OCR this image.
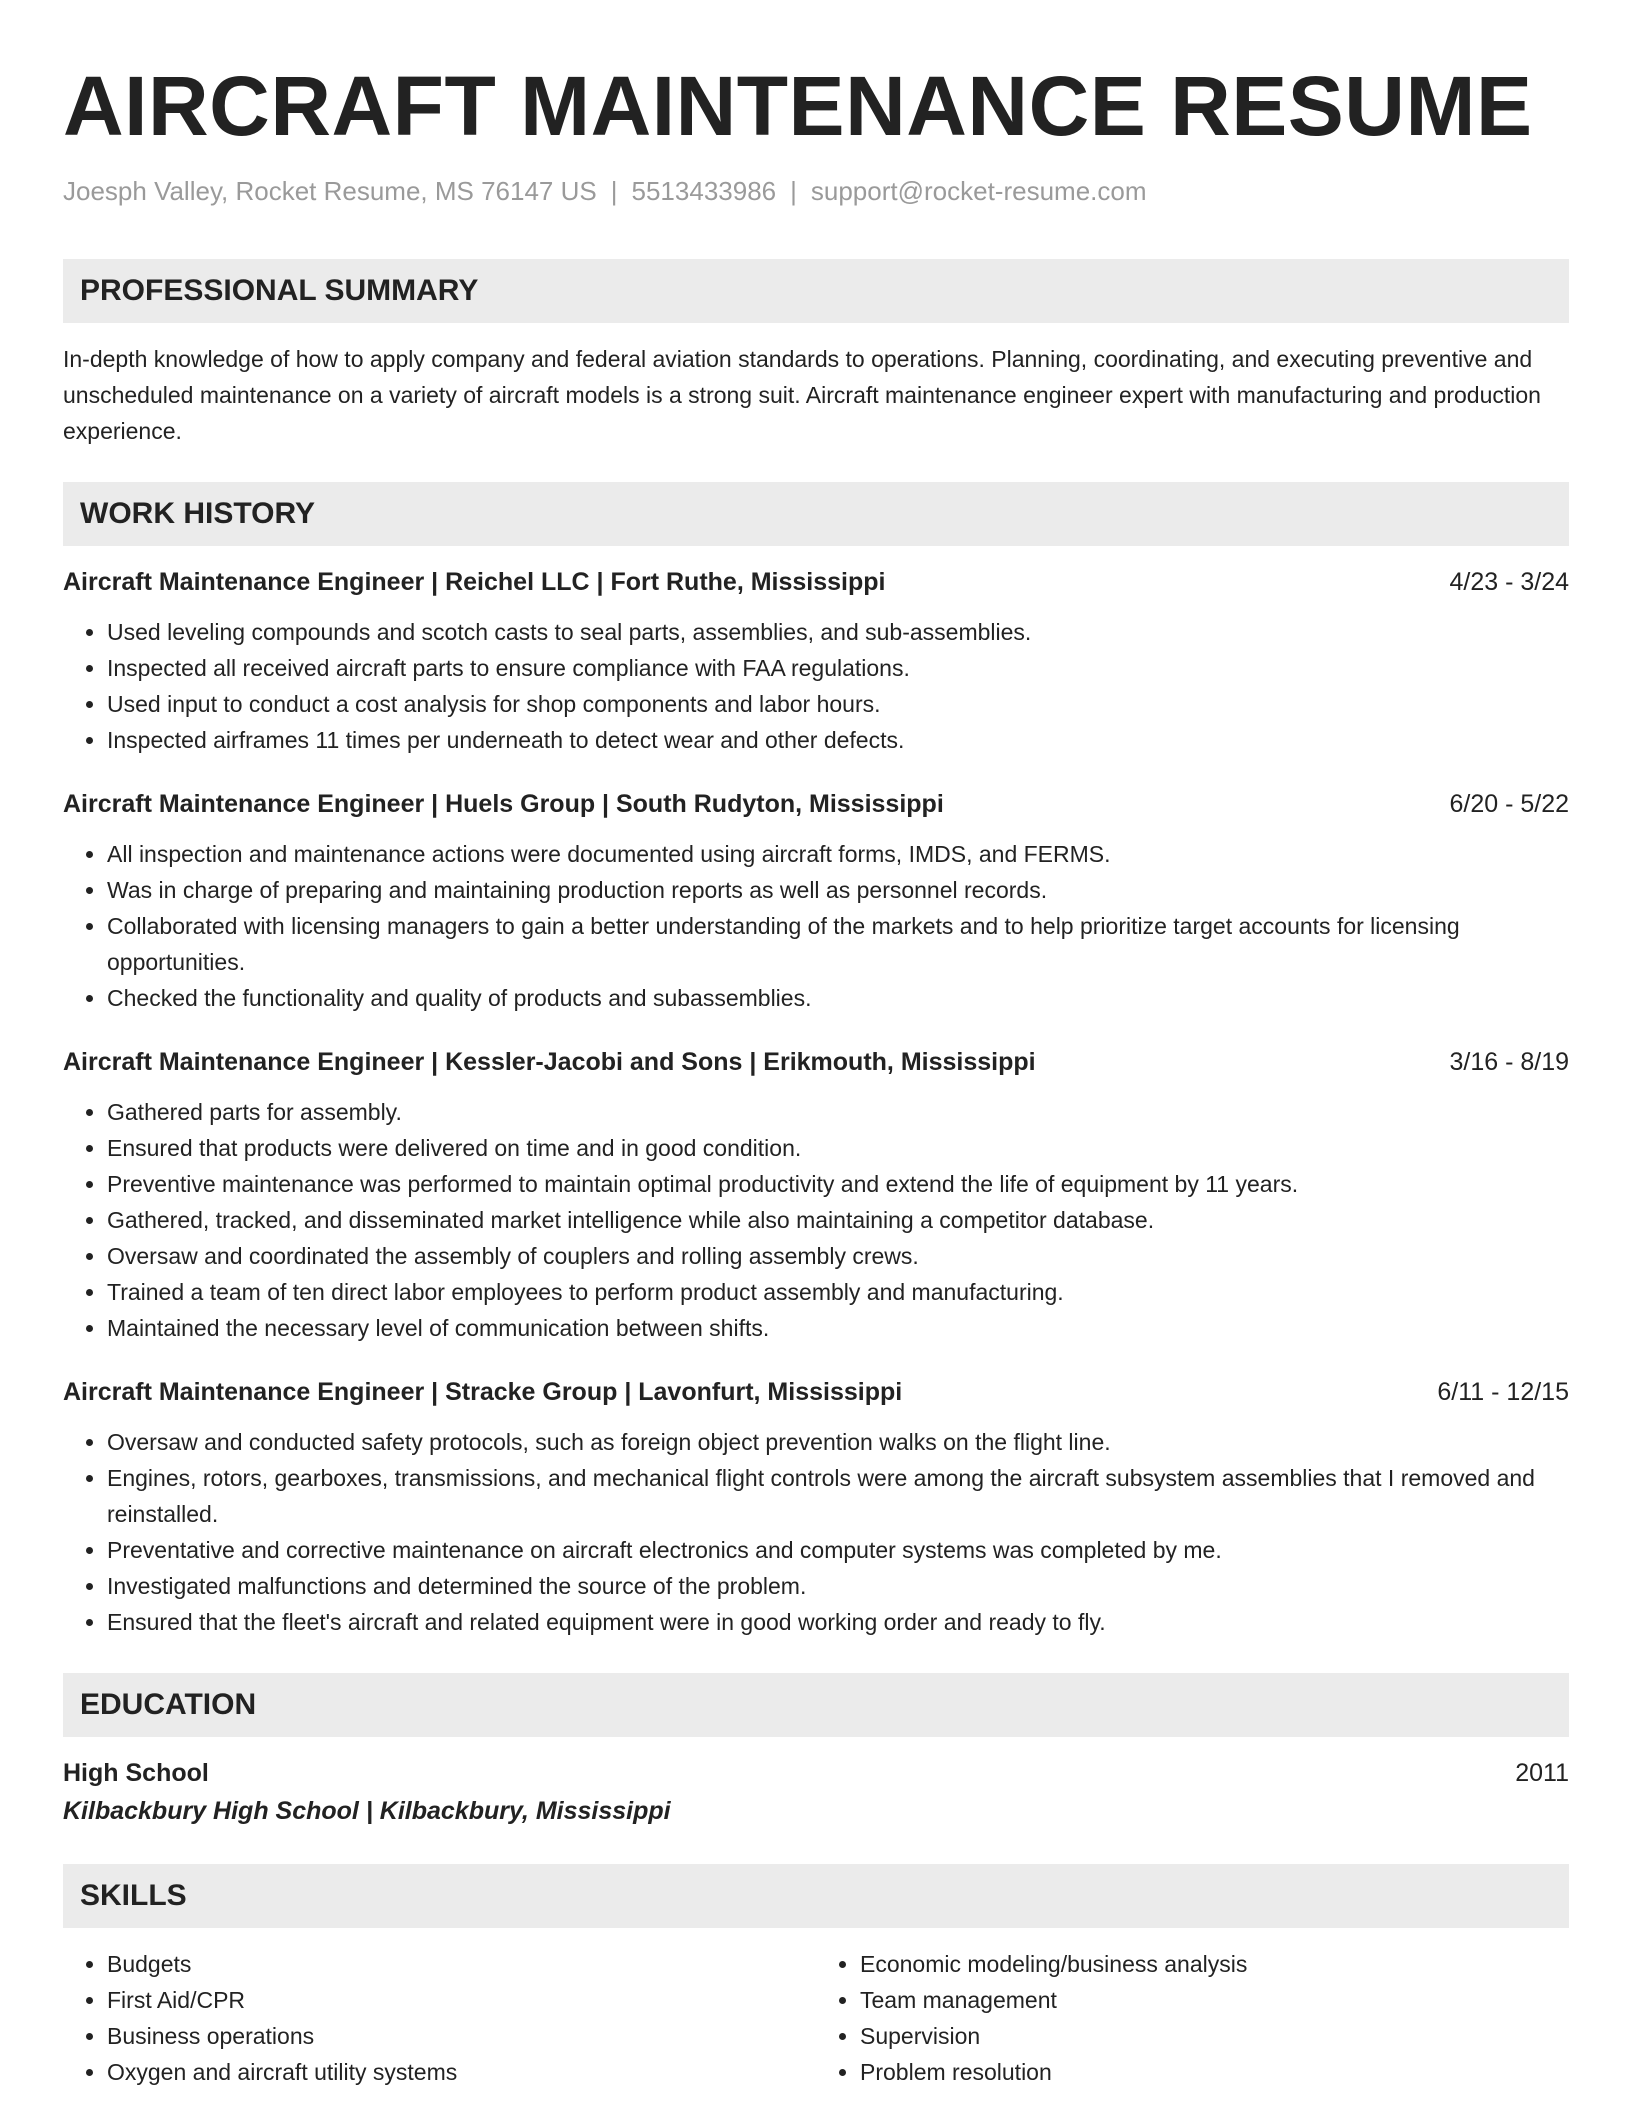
AIRCRAFT MAINTENANCE RESUME
Joesph Valley, Rocket Resume, MS 76147 US | 5513433986 | support@rocket-resume.com
PROFESSIONAL SUMMARY

In-depth knowledge of how to apply company and federal aviation standards to operations. Planning, coordinating, and executing preventive and unscheduled maintenance on a variety of aircraft models is a strong suit. Aircraft maintenance engineer expert with manufacturing and production experience.

WORK HISTORY
Aircraft Maintenance Engineer | Reichel LLC | Fort Ruthe, Mississippi	4/23 - 3/24
• Used leveling compounds and scotch casts to seal parts, assemblies, and sub-assemblies.
• Inspected all received aircraft parts to ensure compliance with FAA regulations.
• Used input to conduct a cost analysis for shop components and labor hours.
• Inspected airframes 11 times per underneath to detect wear and other defects.
Aircraft Maintenance Engineer | Huels Group | South Rudyton, Mississippi	6/20 - 5/22
• All inspection and maintenance actions were documented using aircraft forms, IMDS, and FERMS.
• Was in charge of preparing and maintaining production reports as well as personnel records.
• Collaborated with licensing managers to gain a better understanding of the markets and to help prioritize target accounts for licensing opportunities.
• Checked the functionality and quality of products and subassemblies.
Aircraft Maintenance Engineer | Kessler-Jacobi and Sons | Erikmouth, Mississippi	3/16 - 8/19
• Gathered parts for assembly.
• Ensured that products were delivered on time and in good condition.
• Preventive maintenance was performed to maintain optimal productivity and extend the life of equipment by 11 years.
• Gathered, tracked, and disseminated market intelligence while also maintaining a competitor database.
• Oversaw and coordinated the assembly of couplers and rolling assembly crews.
• Trained a team of ten direct labor employees to perform product assembly and manufacturing.
• Maintained the necessary level of communication between shifts.
Aircraft Maintenance Engineer | Stracke Group | Lavonfurt, Mississippi	6/11 - 12/15
• Oversaw and conducted safety protocols, such as foreign object prevention walks on the flight line.
• Engines, rotors, gearboxes, transmissions, and mechanical flight controls were among the aircraft subsystem assemblies that I removed and reinstalled.
• Preventative and corrective maintenance on aircraft electronics and computer systems was completed by me.
• Investigated malfunctions and determined the source of the problem.
• Ensured that the fleet's aircraft and related equipment were in good working order and ready to fly.
EDUCATION
High School	2011
Kilbackbury High School | Kilbackbury, Mississippi
SKILLS
• Budgets
• First Aid/CPR
• Business operations
• Oxygen and aircraft utility systems
• Economic modeling/business analysis
• Team management
• Supervision
• Problem resolution
